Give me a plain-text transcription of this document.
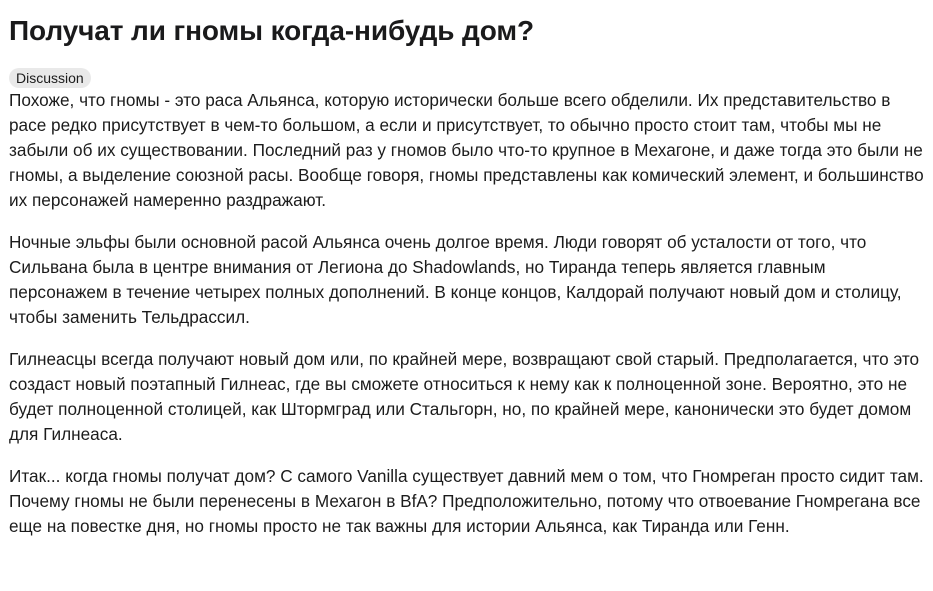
Получат ли гномы когда-нибудь дом?
Discussion

Похоже, что гномы - это раса Альянса, которую исторически больше всего обделили. Их представительство в расе редко присутствует в чем-то большом, а если и присутствует, то обычно просто стоит там, чтобы мы не забыли об их существовании. Последний раз у гномов было что-то крупное в Мехагоне, и даже тогда это были не гномы, а выделение союзной расы. Вообще говоря, гномы представлены как комический элемент, и большинство их персонажей намеренно раздражают.

Ночные эльфы были основной расой Альянса очень долгое время. Люди говорят об усталости от того, что Сильвана была в центре внимания от Легиона до Shadowlands, но Тиранда теперь является главным персонажем в течение четырех полных дополнений. В конце концов, Калдорай получают новый дом и столицу, чтобы заменить Тельдрассил.

Гилнеасцы всегда получают новый дом или, по крайней мере, возвращают свой старый. Предполагается, что это создаст новый поэтапный Гилнеас, где вы сможете относиться к нему как к полноценной зоне. Вероятно, это не будет полноценной столицей, как Штормград или Стальгорн, но, по крайней мере, канонически это будет домом для Гилнеаса.

Итак... когда гномы получат дом? С самого Vanilla существует давний мем о том, что Гномреган просто сидит там. Почему гномы не были перенесены в Мехагон в BfA? Предположительно, потому что отвоевание Гномрегана все еще на повестке дня, но гномы просто не так важны для истории Альянса, как Тиранда или Генн.
